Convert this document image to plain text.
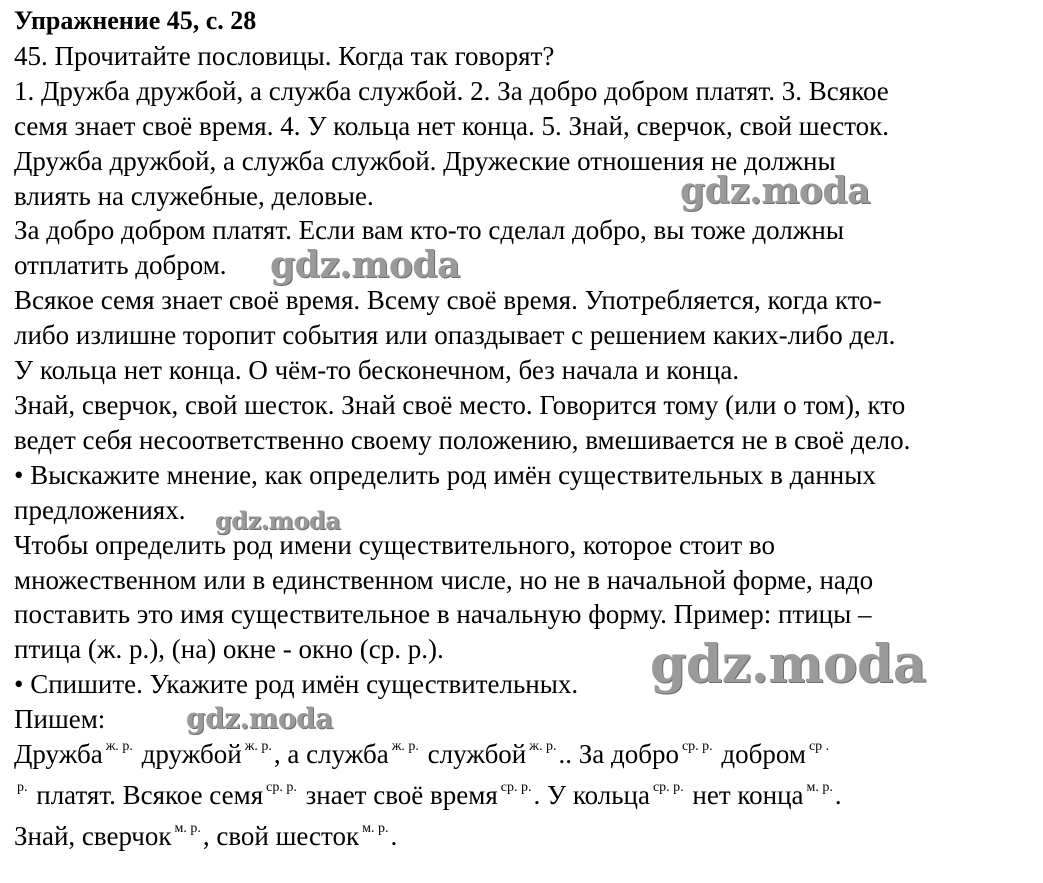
Упражнение 45, с. 28

45. Прочитайте пословицы. Когда так говорят?

1. Дружба дружбой, а служба службой. 2. За добро добром платят. 3. Всякое

семя знает своё время. 4. У кольца нет конца. 5. Знай, сверчок, свой шесток.

Дружба дружбой, а служба службой. Дружеские отношения не должны

влиять на служебные, деловые.

За добро добром платят. Если вам кто-то сделал добро, вы тоже должны

отплатить добром.

Всякое семя знает своё время. Всему своё время. Употребляется, когда кто-

либо излишне торопит события или опаздывает с решением каких-либо дел.

У кольца нет конца. О чём-то бесконечном, без начала и конца.

Знай, сверчок, свой шесток. Знай своё место. Говорится тому (или о том), кто

ведет себя несоответственно своему положению, вмешивается не в своё дело.

• Выскажите мнение, как определить род имён существительных в данных

предложениях.

Чтобы определить род имени существительного, которое стоит во

множественном или в единственном числе, но не в начальной форме, надо

поставить это имя существительное в начальную форму. Пример: птицы –

птица (ж. р.), (на) окне - окно (ср. р.).

• Спишите. Укажите род имён существительных.

Пишем:

Дружба $^{ж. р.}$ дружбой $^{ж. р.}$, а служба $^{ж. р.}$ службой $^{ж. р.}$.. За добро $^{ср. р.}$ добром $^{ср .}$

$^{р.}$ платят. Всякое семя $^{ср. р.}$ знает своё время $^{ср. р.}$. У кольца $^{ср. р.}$ нет конца $^{м. р.}$.

Знай, сверчок $^{м. р.}$, свой шесток $^{м. р.}$.

gdz.moda
gdz.moda
gdz.moda
gdz.moda
gdz.moda
